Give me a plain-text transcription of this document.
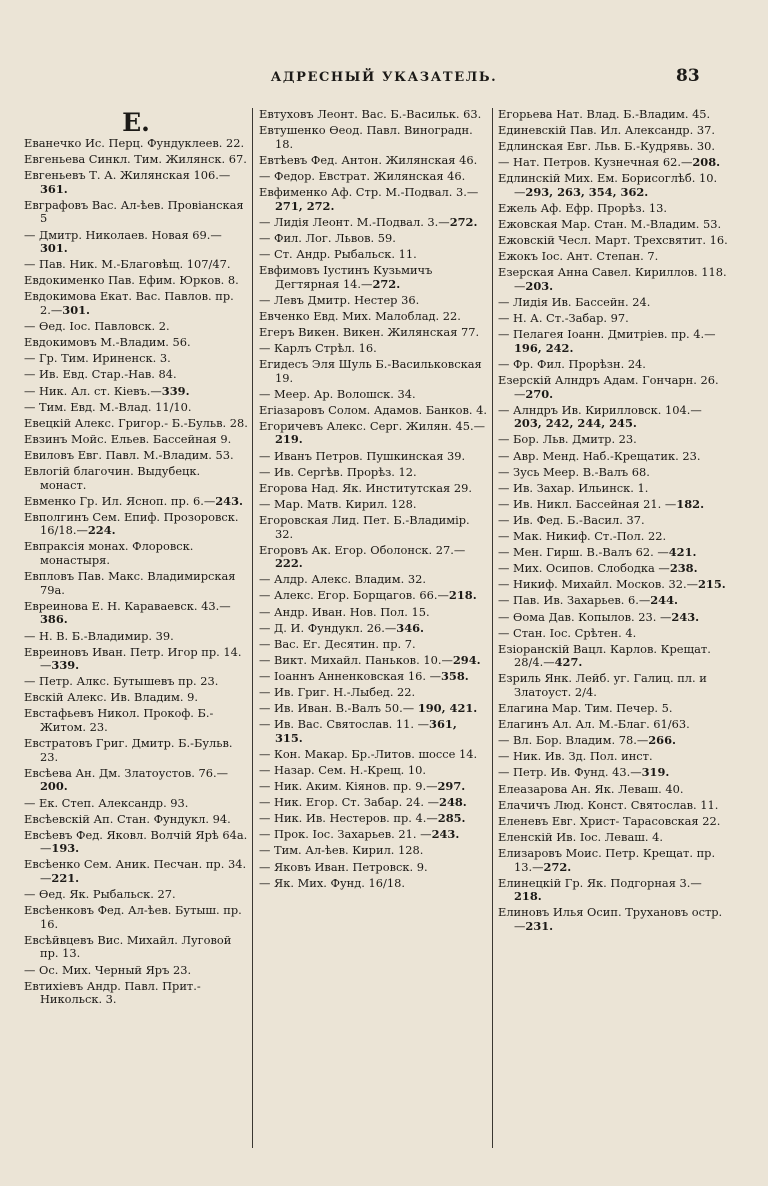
АДРЕСНЫЙ УКАЗАТЕЛЬ.	83
Е.
Еванечко Ис. Перц. Фундуклеев. 22.
Евгеньева Синкл. Тим. Жилянск. 67.
Евгеньевъ Т. А. Жилянская 106.—361.
Евграфовъ Вас. Ал-ѣев. Провіанская 5
— Дмитр. Николаев. Новая 69.—301.
— Пав. Ник. М.-Благовѣщ. 107/47.
Евдокименко Пав. Ефим. Юрков. 8.
Евдокимова Екат. Вас. Павлов. пр. 2.—301.
— Ѳед. Іос. Павловск. 2.
Евдокимовъ М.-Владим. 56.
— Гр. Тим. Ириненск. 3.
— Ив. Евд. Стар.-Нав. 84.
— Ник. Ал. ст. Кіевъ.—339.
— Тим. Евд. М.-Влад. 11/10.
Евецкій Алекс. Григор.- Б.-Бульв. 28.
Евзинъ Мойс. Ельев. Бассейная 9.
Евиловъ Евг. Павл. М.-Владим. 53.
Евлогій благочин. Выдубецк. монаст.
Евменко Гр. Ил. Ясноп. пр. 6.—243.
Евполгинъ Сем. Епиф. Прозоровск. 16/18.—224.
Евпраксія монах. Флоровск. монастыря.
Евпловъ Пав. Макс. Владимирская 79а.
Евреинова Е. Н. Караваевск. 43.—386.
— Н. В. Б.-Владимир. 39.
Евреиновъ Иван. Петр. Игор пр. 14.—339.
— Петр. Алкс. Бутышевъ пр. 23.
Евскій Алекс. Ив. Владим. 9.
Евстафьевъ Никол. Прокоф. Б.-Житом. 23.
Евстратовъ Григ. Дмитр. Б.-Бульв. 23.
Евсѣева Ан. Дм. Златоустов. 76.—200.
— Ек. Степ. Александр. 93.
Евсѣевскій Ап. Стан. Фундукл. 94.
Евсѣевъ Фед. Яковл. Волчій Ярѣ 64а.—193.
Евсѣенко Сем. Аник. Песчан. пр. 34.—221.
— Ѳед. Як. Рыбальск. 27.
Евсѣенковъ Фед. Ал-ѣев. Бутыш. пр. 16.
Евсѣйвцевъ Вис. Михайл. Луговой пр. 13.
— Ос. Мих. Черный Яръ 23.
Евтихіевъ Андр. Павл. Прит.-Никольск. 3.
Евтуховъ Леонт. Вас. Б.-Васильк. 63.
Евтушенко Ѳеод. Павл. Виноградн. 18.
Евтѣевъ Фед. Антон. Жилянская 46.
— Федор. Евстрат. Жилянская 46.
Евфименко Аф. Стр. М.-Подвал. 3.—271, 272.
— Лидія Леонт. М.-Подвал. 3.—272.
— Фил. Лог. Львов. 59.
— Ст. Андр. Рыбальск. 11.
Евфимовъ Іустинъ Кузьмичъ Дегтярная 14.—272.
— Левъ Дмитр. Нестер 36.
Евченко Евд. Мих. Малоблад. 22.
Егеръ Викен. Викен. Жилянская 77.
— Карлъ Стрѣл. 16.
Егидесъ Эля Шуль Б.-Васильковская 19.
— Меер. Ар. Волошск. 34.
Егіазаровъ Солом. Адамов. Банков. 4.
Егоричевъ Алекс. Серг. Жилян. 45.—219.
— Иванъ Петров. Пушкинская 39.
— Ив. Сергѣв. Прорѣз. 12.
Егорова Над. Як. Институтская 29.
— Мар. Матв. Кирил. 128.
Егоровская Лид. Пет. Б.-Владимір. 32.
Егоровъ Ак. Егор. Оболонск. 27.—222.
— Алдр. Алекс. Владим. 32.
— Алекс. Егор. Борщагов. 66.—218.
— Андр. Иван. Нов. Пол. 15.
— Д. И. Фундукл. 26.—346.
— Вас. Ег. Десятин. пр. 7.
— Викт. Михайл. Паньков. 10.—294.
— Іоаннъ Анненковская 16. —358.
— Ив. Григ. Н.-Лыбед. 22.
— Ив. Иван. В.-Валъ 50.— 190, 421.
— Ив. Вас. Святослав. 11. —361, 315.
— Кон. Макар. Бр.-Литов. шоссе 14.
— Назар. Сем. Н.-Крещ. 10.
— Ник. Аким. Кіянов. пр. 9.—297.
— Ник. Егор. Ст. Забар. 24. —248.
— Ник. Ив. Нестеров. пр. 4.—285.
— Прок. Іос. Захарьев. 21. —243.
— Тим. Ал-ѣев. Кирил. 128.
— Яковъ Иван. Петровск. 9.
— Як. Мих. Фунд. 16/18.
Егорьева Нат. Влад. Б.-Владим. 45.
Единевскій Пав. Ил. Александр. 37.
Едлинская Евг. Льв. Б.-Кудрявь. 30.
— Нат. Петров. Кузнечная 62.—208.
Едлинскій Мих. Ем. Борисоглѣб. 10.—293, 263, 354, 362.
Ежель Аф. Ефр. Прорѣз. 13.
Ежовская Мар. Стан. М.-Владим. 53.
Ежовскій Чесл. Март. Трехсвятит. 16.
Ежокъ Іос. Ант. Степан. 7.
Езерская Анна Савел. Кириллов. 118.—203.
— Лидія Ив. Бассейн. 24.
— Н. А. Ст.-Забар. 97.
— Пелагея Іоанн. Дмитріев. пр. 4.—196, 242.
— Фр. Фил. Прорѣзн. 24.
Езерскій Алндръ Адам. Гончарн. 26.—270.
— Алндръ Ив. Кирилловск. 104.—203, 242, 244, 245.
— Бор. Льв. Дмитр. 23.
— Авр. Менд. Наб.-Крещатик. 23.
— Зусь Меер. В.-Валъ 68.
— Ив. Захар. Ильинск. 1.
— Ив. Никл. Бассейная 21. —182.
— Ив. Фед. Б.-Васил. 37.
— Мак. Никиф. Ст.-Пол. 22.
— Мен. Гирш. В.-Валъ 62. —421.
— Мих. Осипов. Слободка —238.
— Никиф. Михайл. Москов. 32.—215.
— Пав. Ив. Захарьев. 6.—244.
— Ѳома Дав. Копылов. 23. —243.
— Стан. Іос. Срѣтен. 4.
Езіоранскій Вацл. Карлов. Крещат. 28/4.—427.
Езриль Янк. Лейб. уг. Галиц. пл. и Златоуст. 2/4.
Елагина Мар. Тим. Печер. 5.
Елагинъ Ал. Ал. М.-Благ. 61/63.
— Вл. Бор. Владим. 78.—266.
— Ник. Ив. Зд. Пол. инст.
— Петр. Ив. Фунд. 43.—319.
Елеазарова Ан. Як. Леваш. 40.
Елачичъ Люд. Конст. Святослав. 11.
Еленевъ Евг. Христ- Тарасовская 22.
Еленскій Ив. Іос. Леваш. 4.
Елизаровъ Моис. Петр. Крещат. пр. 13.—272.
Елинецкій Гр. Як. Подгорная 3.—218.
Елиновъ Илья Осип. Трухановъ остр.—231.
